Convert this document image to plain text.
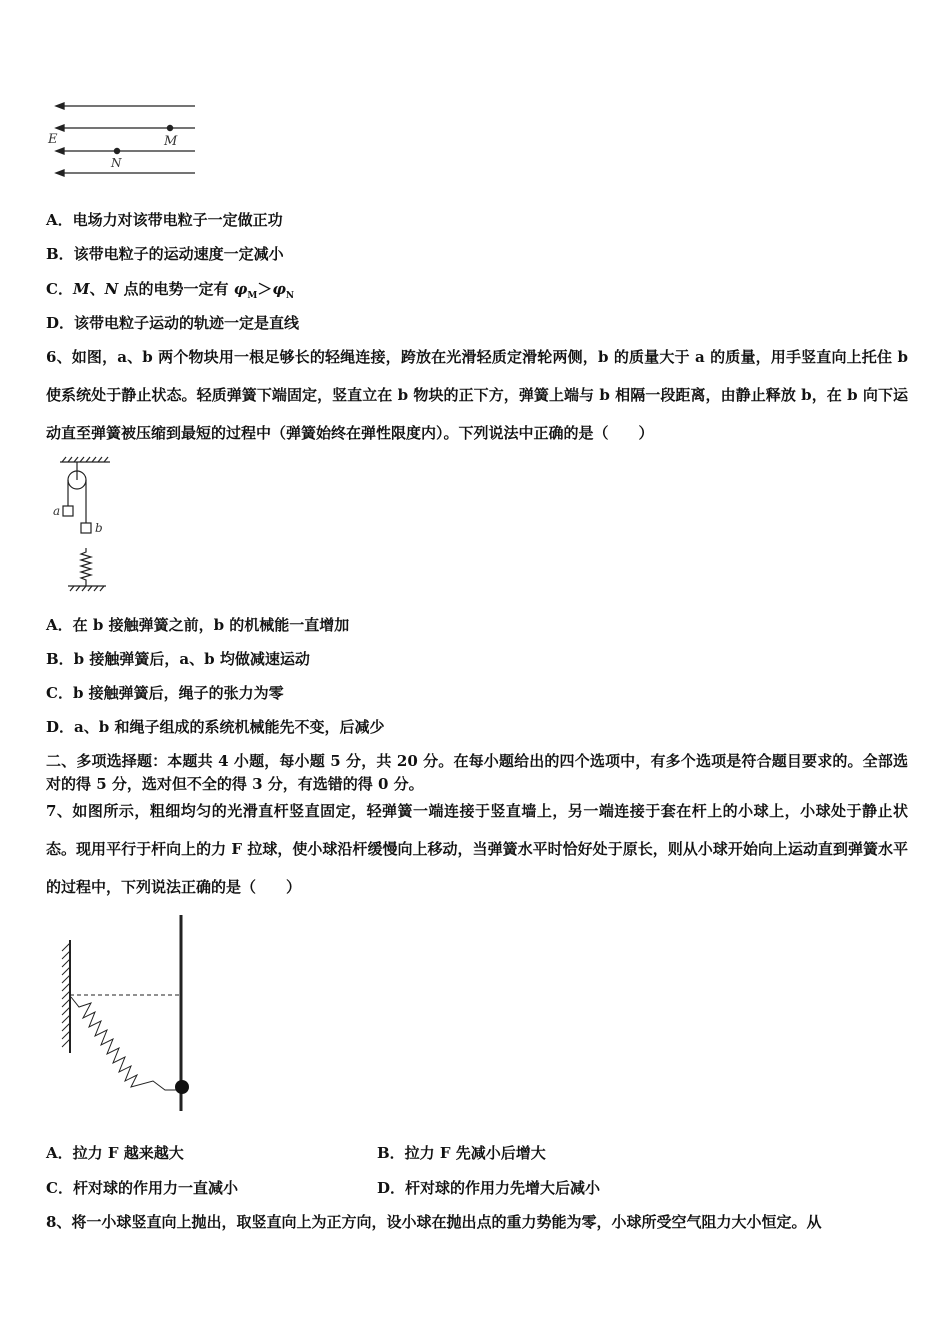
E	M
N
A．电场力对该带电粒子一定做正功
B．该带电粒子的运动速度一定减小
C．M、N 点的电势一定有 $\varphi_M>\varphi_N$
D．该带电粒子运动的轨迹一定是直线
6、如图，a、b 两个物块用一根足够长的轻绳连接，跨放在光滑轻质定滑轮两侧，b 的质量大于 a 的质量，用手竖直向上托住 b 使系统处于静止状态。轻质弹簧下端固定，竖直立在 b 物块的正下方，弹簧上端与 b 相隔一段距离，由静止释放 b，在 b 向下运动直至弹簧被压缩到最短的过程中（弹簧始终在弹性限度内）。下列说法中正确的是（　　）
a
b
A．在 b 接触弹簧之前，b 的机械能一直增加
B．b 接触弹簧后，a、b 均做减速运动
C．b 接触弹簧后，绳子的张力为零
D．a、b 和绳子组成的系统机械能先不变，后减少
二、多项选择题：本题共 4 小题，每小题 5 分，共 20 分。在每小题给出的四个选项中，有多个选项是符合题目要求的。全部选对的得 5 分，选对但不全的得 3 分，有选错的得 0 分。
7、如图所示，粗细均匀的光滑直杆竖直固定，轻弹簧一端连接于竖直墙上，另一端连接于套在杆上的小球上，小球处于静止状态。现用平行于杆向上的力 F 拉球，使小球沿杆缓慢向上移动，当弹簧水平时恰好处于原长，则从小球开始向上运动直到弹簧水平的过程中，下列说法正确的是（　　）
A．拉力 F 越来越大	B．拉力 F 先减小后增大
C．杆对球的作用力一直减小	D．杆对球的作用力先增大后减小
8、将一小球竖直向上抛出，取竖直向上为正方向，设小球在抛出点的重力势能为零，小球所受空气阻力大小恒定。从
